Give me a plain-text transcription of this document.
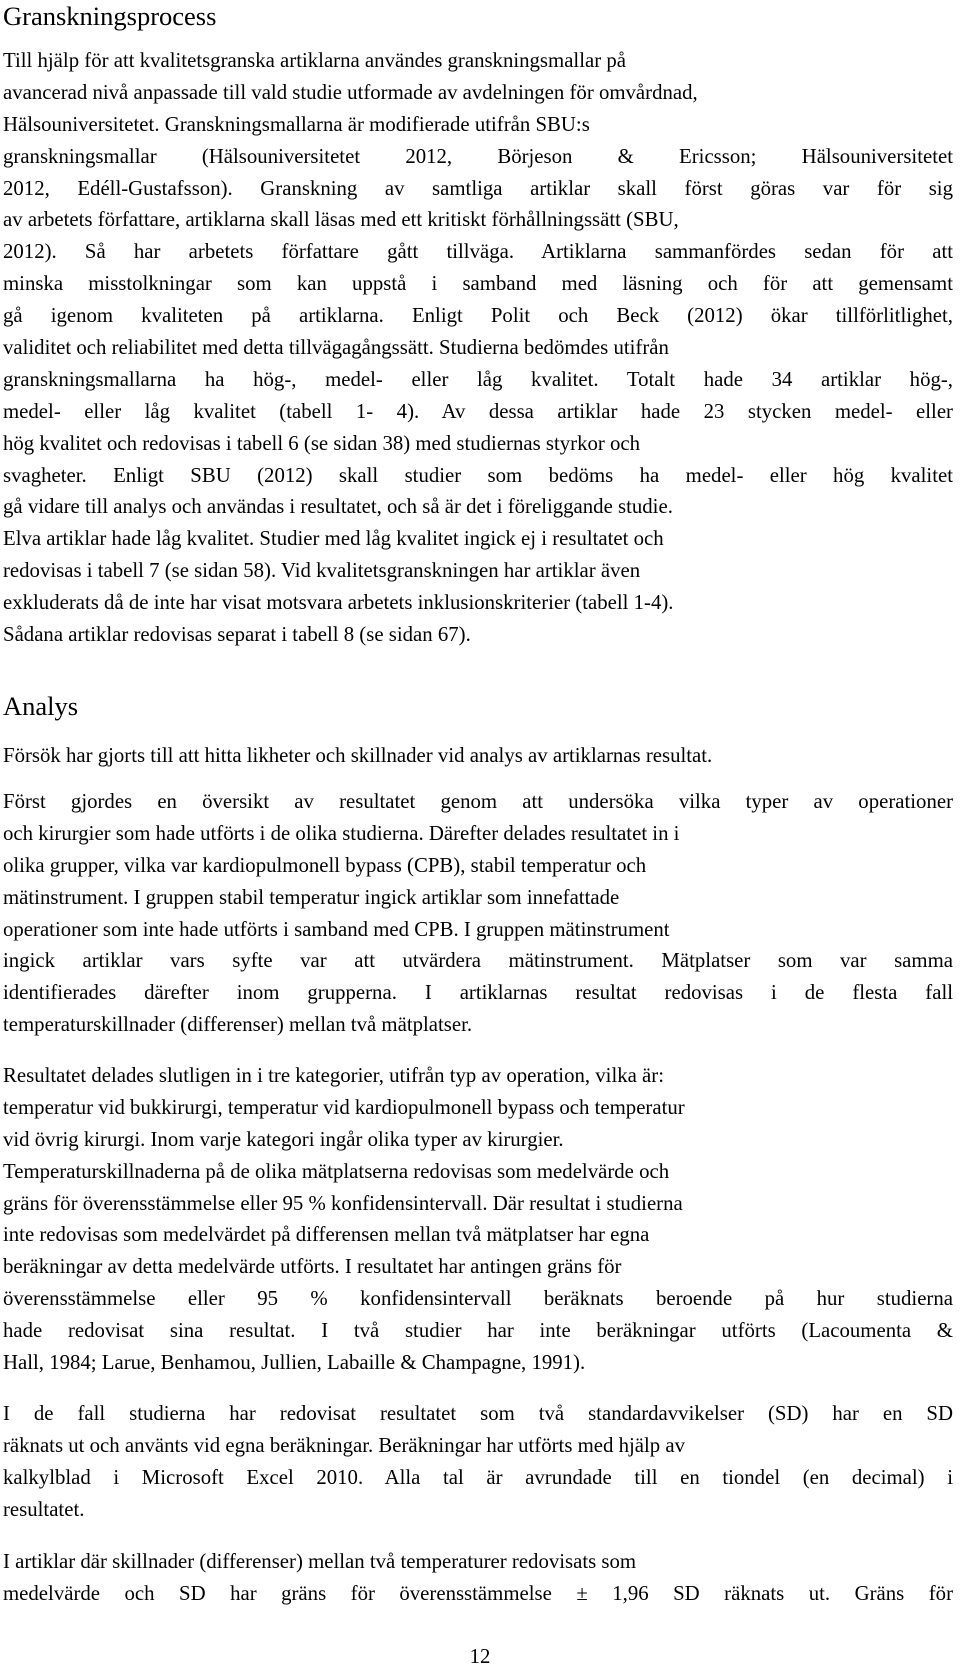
Granskningsprocess
Till hjälp för att kvalitetsgranska artiklarna användes granskningsmallar på
avancerad nivå anpassade till vald studie utformade av avdelningen för omvårdnad,
Hälsouniversitetet. Granskningsmallarna är modifierade utifrån SBU:s
granskningsmallar (Hälsouniversitetet 2012, Börjeson & Ericsson; Hälsouniversitetet
2012, Edéll-Gustafsson). Granskning av samtliga artiklar skall först göras var för sig
av arbetets författare, artiklarna skall läsas med ett kritiskt förhållningssätt (SBU,
2012). Så har arbetets författare gått tillväga. Artiklarna sammanfördes sedan för att
minska misstolkningar som kan uppstå i samband med läsning och för att gemensamt
gå igenom kvaliteten på artiklarna. Enligt Polit och Beck (2012) ökar tillförlitlighet,
validitet och reliabilitet med detta tillvägagångssätt. Studierna bedömdes utifrån
granskningsmallarna ha hög-, medel- eller låg kvalitet. Totalt hade 34 artiklar hög-,
medel- eller låg kvalitet (tabell 1- 4). Av dessa artiklar hade 23 stycken medel- eller
hög kvalitet och redovisas i tabell 6 (se sidan 38) med studiernas styrkor och
svagheter. Enligt SBU (2012) skall studier som bedöms ha medel- eller hög kvalitet
gå vidare till analys och användas i resultatet, och så är det i föreliggande studie.
Elva artiklar hade låg kvalitet. Studier med låg kvalitet ingick ej i resultatet och
redovisas i tabell 7 (se sidan 58). Vid kvalitetsgranskningen har artiklar även
exkluderats då de inte har visat motsvara arbetets inklusionskriterier (tabell 1-4).
Sådana artiklar redovisas separat i tabell 8 (se sidan 67).
Analys
Försök har gjorts till att hitta likheter och skillnader vid analys av artiklarnas resultat.
Först gjordes en översikt av resultatet genom att undersöka vilka typer av operationer
och kirurgier som hade utförts i de olika studierna. Därefter delades resultatet in i
olika grupper, vilka var kardiopulmonell bypass (CPB), stabil temperatur och
mätinstrument. I gruppen stabil temperatur ingick artiklar som innefattade
operationer som inte hade utförts i samband med CPB. I gruppen mätinstrument
ingick artiklar vars syfte var att utvärdera mätinstrument. Mätplatser som var samma
identifierades därefter inom grupperna. I artiklarnas resultat redovisas i de flesta fall
temperaturskillnader (differenser) mellan två mätplatser.
Resultatet delades slutligen in i tre kategorier, utifrån typ av operation, vilka är:
temperatur vid bukkirurgi, temperatur vid kardiopulmonell bypass och temperatur
vid övrig kirurgi. Inom varje kategori ingår olika typer av kirurgier.
Temperaturskillnaderna på de olika mätplatserna redovisas som medelvärde och
gräns för överensstämmelse eller 95 % konfidensintervall. Där resultat i studierna
inte redovisas som medelvärdet på differensen mellan två mätplatser har egna
beräkningar av detta medelvärde utförts. I resultatet har antingen gräns för
överensstämmelse eller 95 % konfidensintervall beräknats beroende på hur studierna
hade redovisat sina resultat. I två studier har inte beräkningar utförts (Lacoumenta &
Hall, 1984; Larue, Benhamou, Jullien, Labaille & Champagne, 1991).
I de fall studierna har redovisat resultatet som två standardavvikelser (SD) har en SD
räknats ut och använts vid egna beräkningar. Beräkningar har utförts med hjälp av
kalkylblad i Microsoft Excel 2010. Alla tal är avrundade till en tiondel (en decimal) i
resultatet.
I artiklar där skillnader (differenser) mellan två temperaturer redovisats som
medelvärde och SD har gräns för överensstämmelse ± 1,96 SD räknats ut. Gräns för
12
